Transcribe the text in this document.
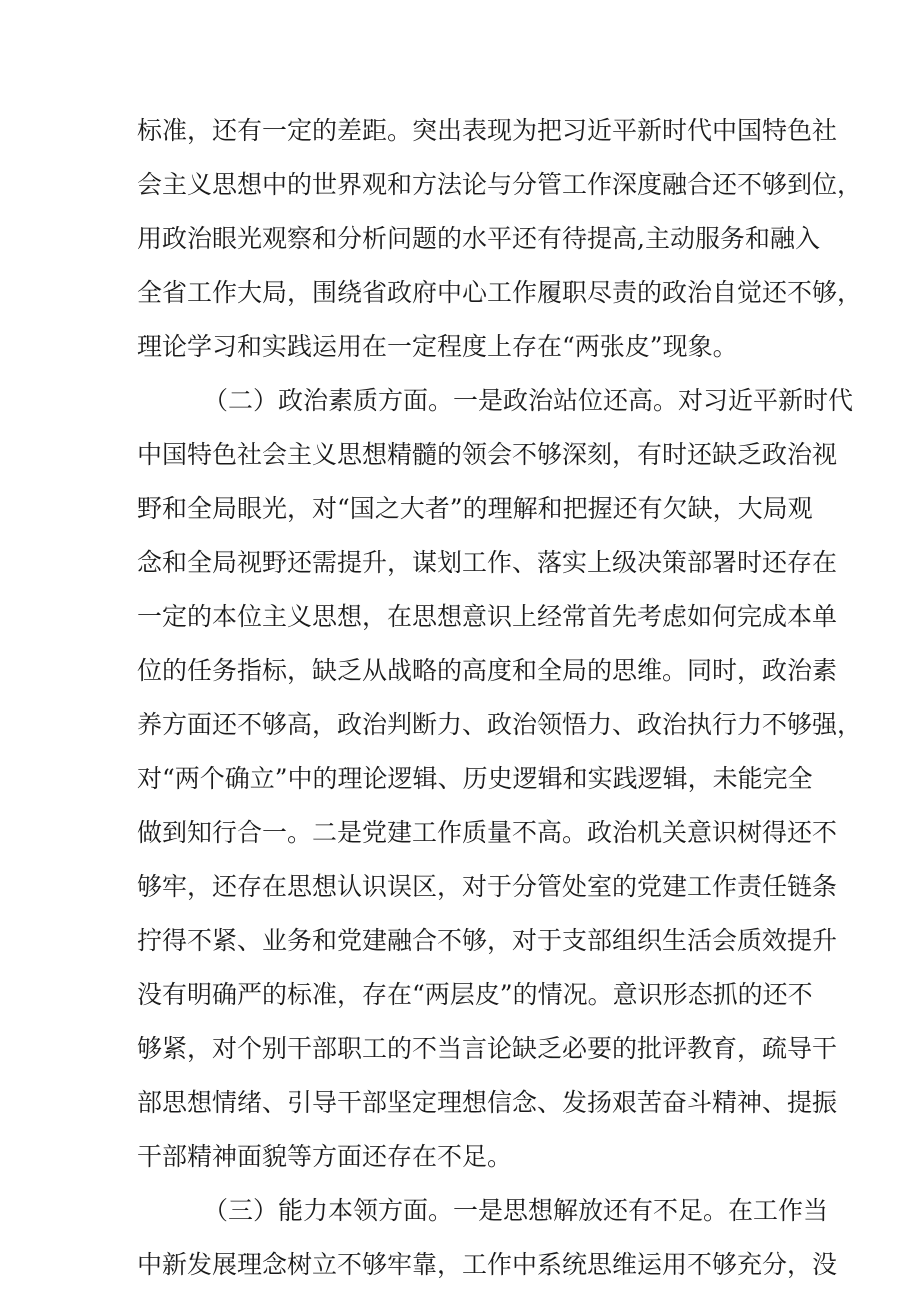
标准，还有一定的差距。突出表现为把习近平新时代中国特色社
会主义思想中的世界观和方法论与分管工作深度融合还不够到位，
用政治眼光观察和分析问题的水平还有待提高,主动服务和融入
全省工作大局，围绕省政府中心工作履职尽责的政治自觉还不够，
理论学习和实践运用在一定程度上存在“两张皮”现象。
（二）政治素质方面。一是政治站位还高。对习近平新时代
中国特色社会主义思想精髓的领会不够深刻，有时还缺乏政治视
野和全局眼光，对“国之大者”的理解和把握还有欠缺，大局观
念和全局视野还需提升，谋划工作、落实上级决策部署时还存在
一定的本位主义思想，在思想意识上经常首先考虑如何完成本单
位的任务指标，缺乏从战略的高度和全局的思维。同时，政治素
养方面还不够高，政治判断力、政治领悟力、政治执行力不够强，
对“两个确立”中的理论逻辑、历史逻辑和实践逻辑，未能完全
做到知行合一。二是党建工作质量不高。政治机关意识树得还不
够牢，还存在思想认识误区，对于分管处室的党建工作责任链条
拧得不紧、业务和党建融合不够，对于支部组织生活会质效提升
没有明确严的标准，存在“两层皮”的情况。意识形态抓的还不
够紧，对个别干部职工的不当言论缺乏必要的批评教育，疏导干
部思想情绪、引导干部坚定理想信念、发扬艰苦奋斗精神、提振
干部精神面貌等方面还存在不足。
（三）能力本领方面。一是思想解放还有不足。在工作当
中新发展理念树立不够牢靠，工作中系统思维运用不够充分，没
